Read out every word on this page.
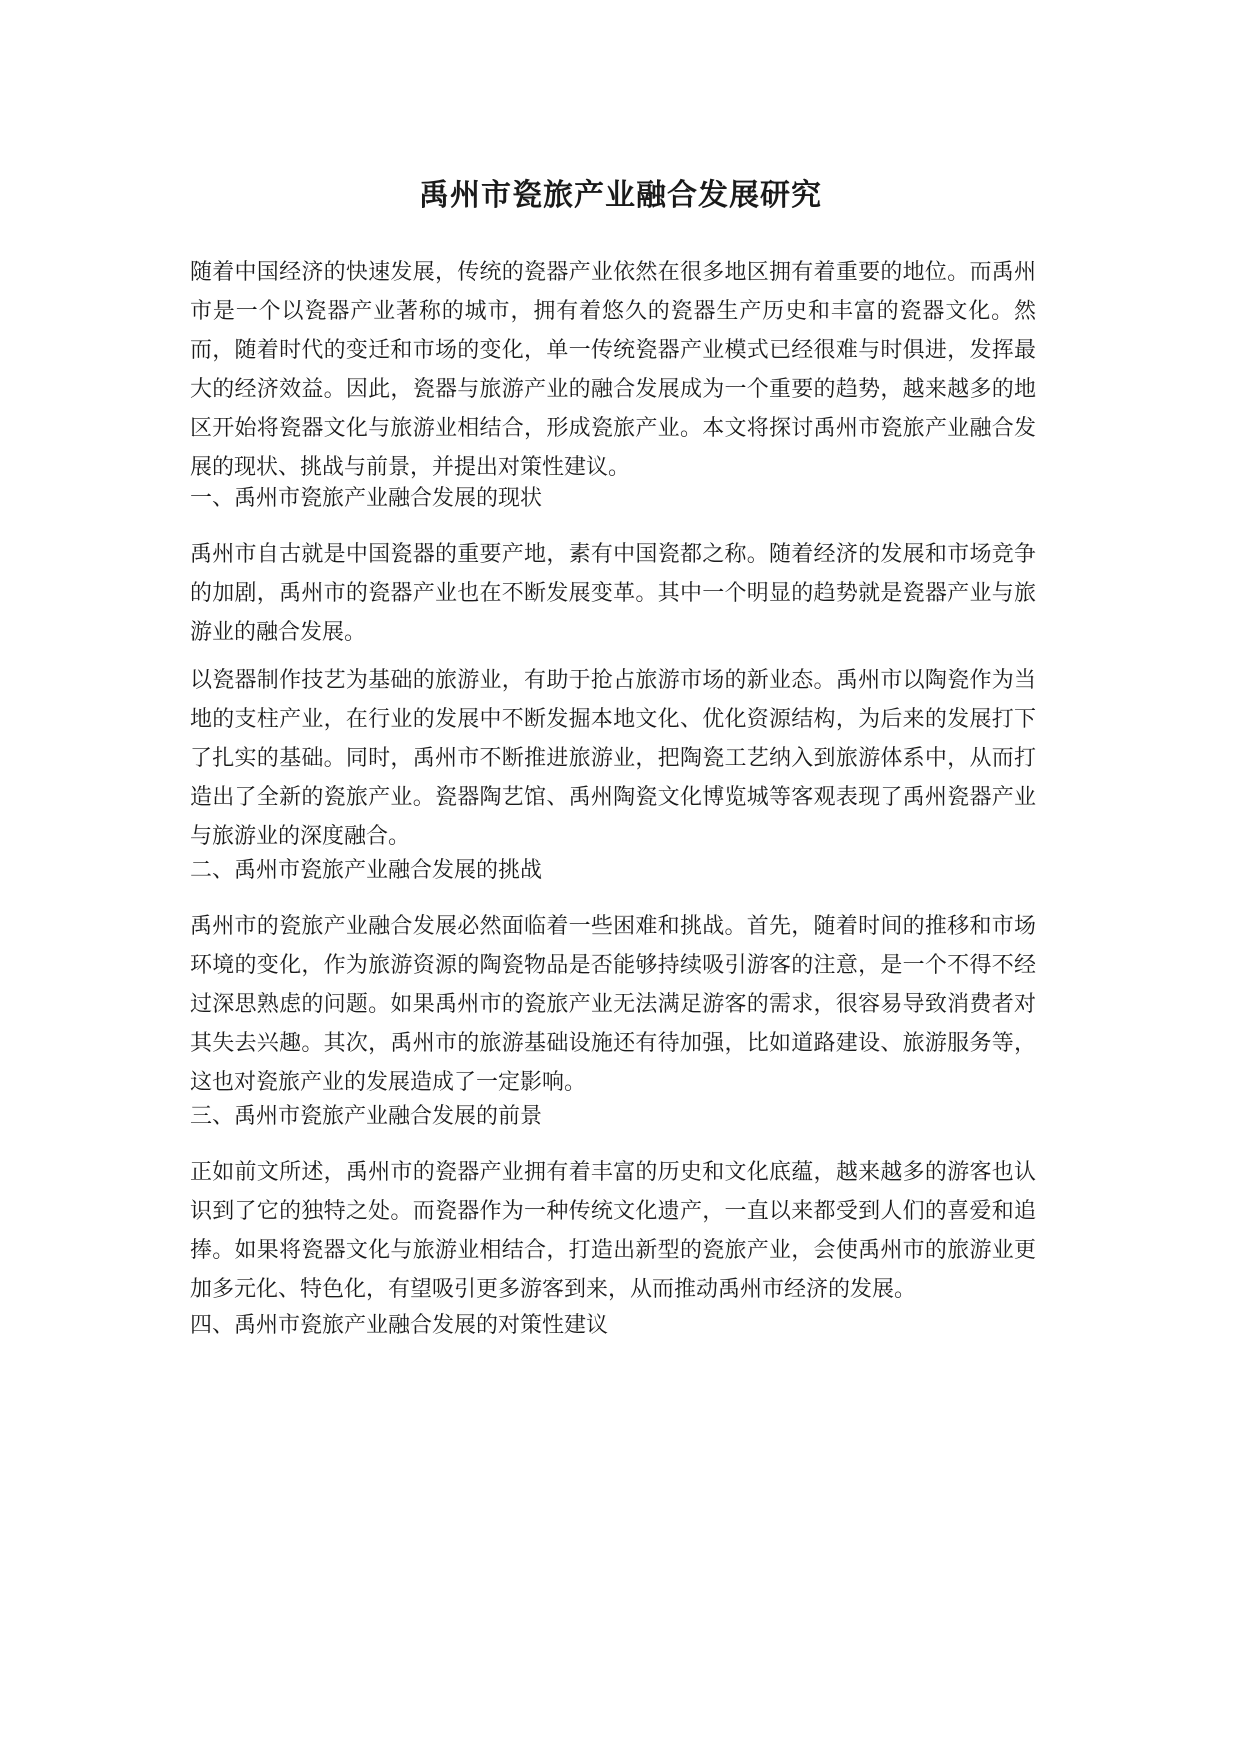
禹州市瓷旅产业融合发展研究

随着中国经济的快速发展，传统的瓷器产业依然在很多地区拥有着重要的地位。而禹州市是一个以瓷器产业著称的城市，拥有着悠久的瓷器生产历史和丰富的瓷器文化。然而，随着时代的变迁和市场的变化，单一传统瓷器产业模式已经很难与时俱进，发挥最大的经济效益。因此，瓷器与旅游产业的融合发展成为一个重要的趋势，越来越多的地区开始将瓷器文化与旅游业相结合，形成瓷旅产业。本文将探讨禹州市瓷旅产业融合发展的现状、挑战与前景，并提出对策性建议。

一、禹州市瓷旅产业融合发展的现状

禹州市自古就是中国瓷器的重要产地，素有中国瓷都之称。随着经济的发展和市场竞争的加剧，禹州市的瓷器产业也在不断发展变革。其中一个明显的趋势就是瓷器产业与旅游业的融合发展。

以瓷器制作技艺为基础的旅游业，有助于抢占旅游市场的新业态。禹州市以陶瓷作为当地的支柱产业，在行业的发展中不断发掘本地文化、优化资源结构，为后来的发展打下了扎实的基础。同时，禹州市不断推进旅游业，把陶瓷工艺纳入到旅游体系中，从而打造出了全新的瓷旅产业。瓷器陶艺馆、禹州陶瓷文化博览城等客观表现了禹州瓷器产业与旅游业的深度融合。

二、禹州市瓷旅产业融合发展的挑战

禹州市的瓷旅产业融合发展必然面临着一些困难和挑战。首先，随着时间的推移和市场环境的变化，作为旅游资源的陶瓷物品是否能够持续吸引游客的注意，是一个不得不经过深思熟虑的问题。如果禹州市的瓷旅产业无法满足游客的需求，很容易导致消费者对其失去兴趣。其次，禹州市的旅游基础设施还有待加强，比如道路建设、旅游服务等，这也对瓷旅产业的发展造成了一定影响。

三、禹州市瓷旅产业融合发展的前景

正如前文所述，禹州市的瓷器产业拥有着丰富的历史和文化底蕴，越来越多的游客也认识到了它的独特之处。而瓷器作为一种传统文化遗产，一直以来都受到人们的喜爱和追捧。如果将瓷器文化与旅游业相结合，打造出新型的瓷旅产业，会使禹州市的旅游业更加多元化、特色化，有望吸引更多游客到来，从而推动禹州市经济的发展。

四、禹州市瓷旅产业融合发展的对策性建议
